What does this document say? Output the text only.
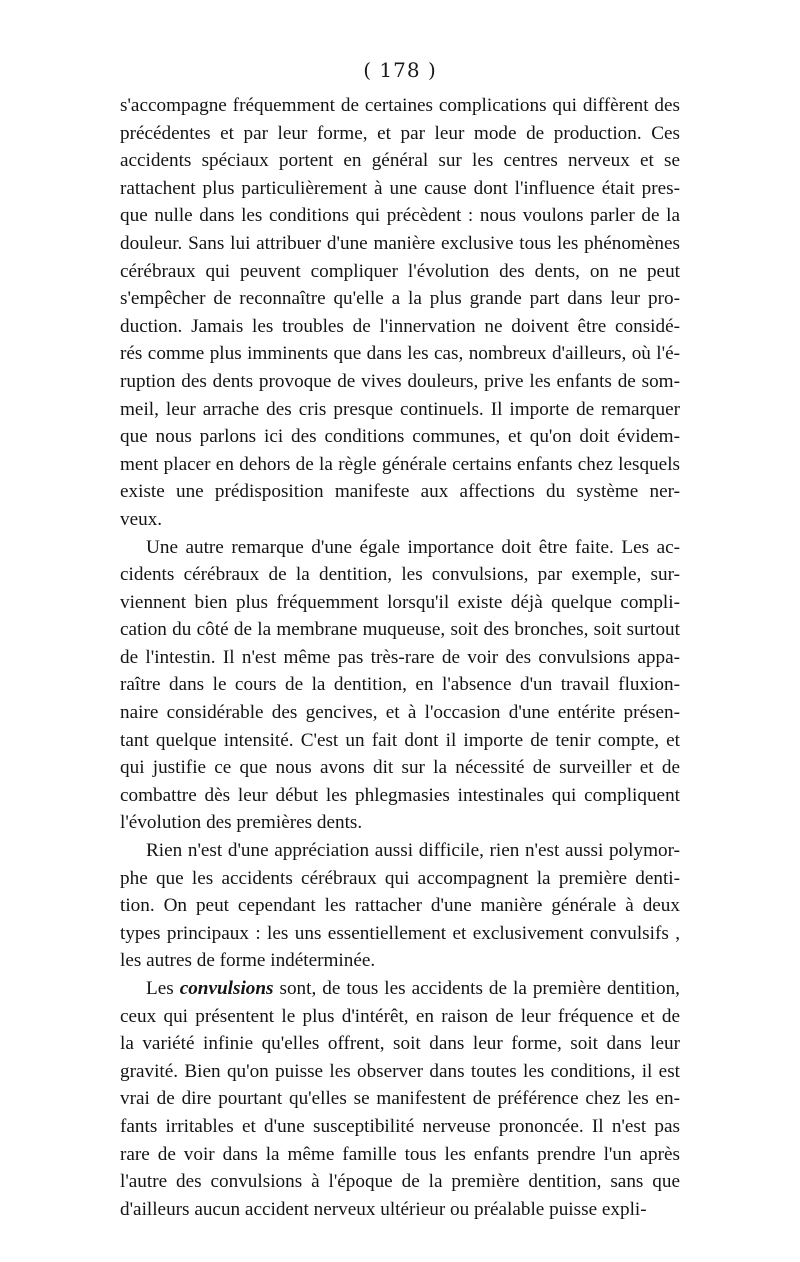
( 178 )
s'accompagne fréquemment de certaines complications qui diffèrent des
précédentes et par leur forme, et par leur mode de production. Ces
accidents spéciaux portent en général sur les centres nerveux et se
rattachent plus particulièrement à une cause dont l'influence était pres-
que nulle dans les conditions qui précèdent : nous voulons parler de la
douleur. Sans lui attribuer d'une manière exclusive tous les phénomènes
cérébraux qui peuvent compliquer l'évolution des dents, on ne peut
s'empêcher de reconnaître qu'elle a la plus grande part dans leur pro-
duction. Jamais les troubles de l'innervation ne doivent être considé-
rés comme plus imminents que dans les cas, nombreux d'ailleurs, où l'é-
ruption des dents provoque de vives douleurs, prive les enfants de som-
meil, leur arrache des cris presque continuels. Il importe de remarquer
que nous parlons ici des conditions communes, et qu'on doit évidem-
ment placer en dehors de la règle générale certains enfants chez lesquels
existe une prédisposition manifeste aux affections du système ner-
veux.
Une autre remarque d'une égale importance doit être faite. Les ac-
cidents cérébraux de la dentition, les convulsions, par exemple, sur-
viennent bien plus fréquemment lorsqu'il existe déjà quelque compli-
cation du côté de la membrane muqueuse, soit des bronches, soit surtout
de l'intestin. Il n'est même pas très-rare de voir des convulsions appa-
raître dans le cours de la dentition, en l'absence d'un travail fluxion-
naire considérable des gencives, et à l'occasion d'une entérite présen-
tant quelque intensité. C'est un fait dont il importe de tenir compte, et
qui justifie ce que nous avons dit sur la nécessité de surveiller et de
combattre dès leur début les phlegmasies intestinales qui compliquent
l'évolution des premières dents.
Rien n'est d'une appréciation aussi difficile, rien n'est aussi polymor-
phe que les accidents cérébraux qui accompagnent la première denti-
tion. On peut cependant les rattacher d'une manière générale à deux
types principaux : les uns essentiellement et exclusivement convulsifs ,
les autres de forme indéterminée.
Les convulsions sont, de tous les accidents de la première dentition,
ceux qui présentent le plus d'intérêt, en raison de leur fréquence et de
la variété infinie qu'elles offrent, soit dans leur forme, soit dans leur
gravité. Bien qu'on puisse les observer dans toutes les conditions, il est
vrai de dire pourtant qu'elles se manifestent de préférence chez les en-
fants irritables et d'une susceptibilité nerveuse prononcée. Il n'est pas
rare de voir dans la même famille tous les enfants prendre l'un après
l'autre des convulsions à l'époque de la première dentition, sans que
d'ailleurs aucun accident nerveux ultérieur ou préalable puisse expli-
